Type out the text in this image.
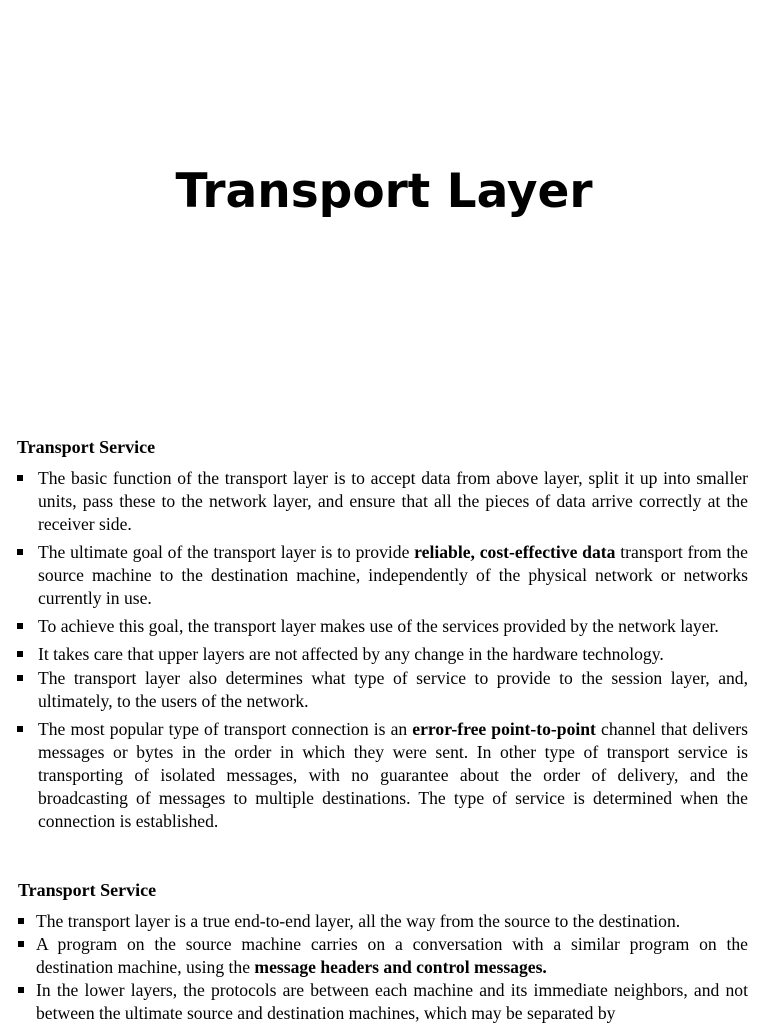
Transport Layer
Transport Service
The basic function of the transport layer is to accept data from above layer, split it up into smaller units, pass these to the network layer, and ensure that all the pieces of data arrive correctly at the receiver side.
The ultimate goal of the transport layer is to provide reliable, cost-effective data transport from the source machine to the destination machine, independently of the physical network or networks currently in use.
To achieve this goal, the transport layer makes use of the services provided by the network layer.
It takes care that upper layers are not affected by any change in the hardware technology.
The transport layer also determines what type of service to provide to the session layer, and, ultimately, to the users of the network.
The most popular type of transport connection is an error-free point-to-point channel that delivers messages or bytes in the order in which they were sent. In other type of transport service is transporting of isolated messages, with no guarantee about the order of delivery, and the broadcasting of messages to multiple destinations. The type of service is determined when the connection is established.
Transport Service
The transport layer is a true end-to-end layer, all the way from the source to the destination.
A program on the source machine carries on a conversation with a similar program on the destination machine, using the message headers and control messages.
In the lower layers, the protocols are between each machine and its immediate neighbors, and not between the ultimate source and destination machines, which may be separated by
